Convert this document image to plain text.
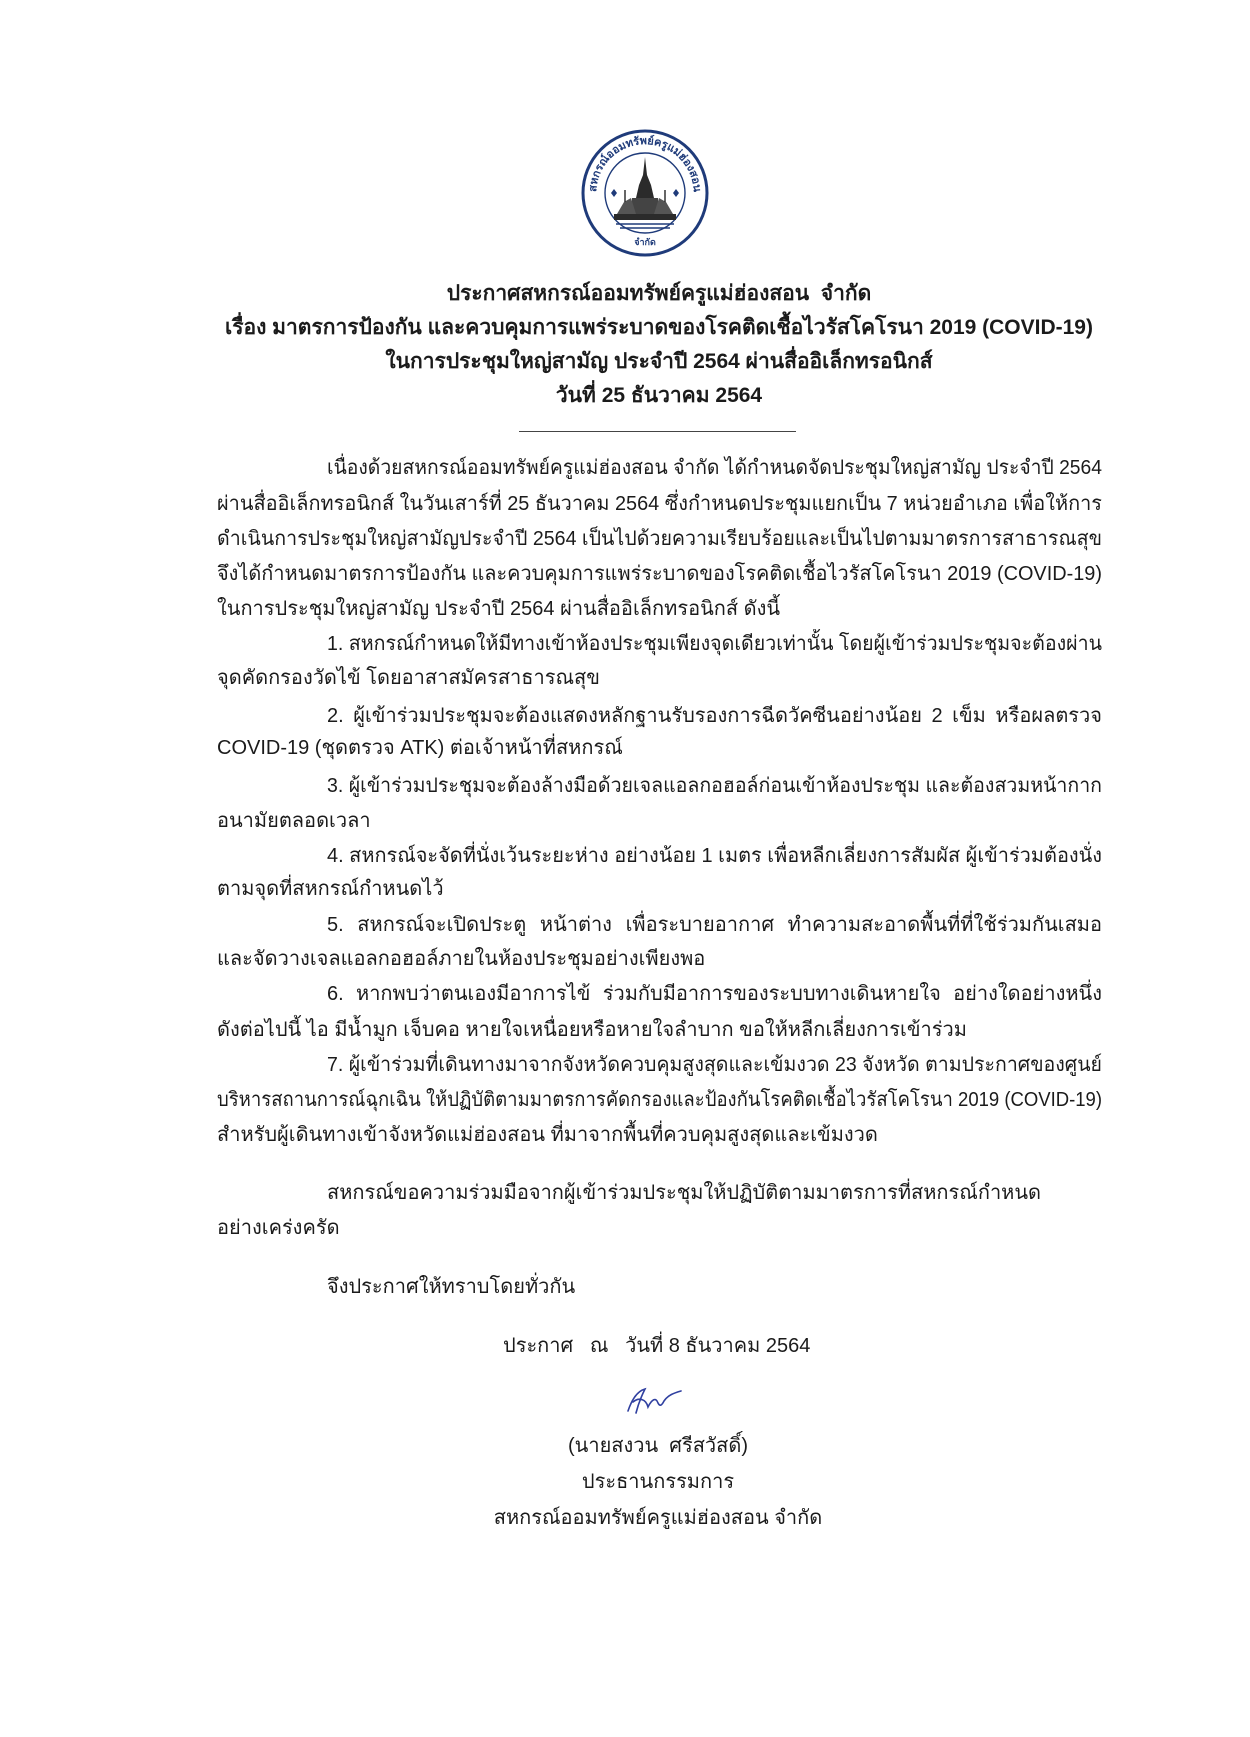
สหกรณ์ออมทรัพย์ครูแม่ฮ่องสอน
จำกัด
ประกาศสหกรณ์ออมทรัพย์ครูแม่ฮ่องสอน  จำกัด
เรื่อง มาตรการป้องกัน และควบคุมการแพร่ระบาดของโรคติดเชื้อไวรัสโคโรนา 2019 (COVID-19)
ในการประชุมใหญ่สามัญ ประจำปี 2564 ผ่านสื่ออิเล็กทรอนิกส์
วันที่ 25 ธันวาคม 2564
เนื่องด้วยสหกรณ์ออมทรัพย์ครูแม่ฮ่องสอน จำกัด ได้กำหนดจัดประชุมใหญ่สามัญ ประจำปี 2564
ผ่านสื่ออิเล็กทรอนิกส์ ในวันเสาร์ที่ 25 ธันวาคม 2564 ซึ่งกำหนดประชุมแยกเป็น 7 หน่วยอำเภอ เพื่อให้การ
ดำเนินการประชุมใหญ่สามัญประจำปี 2564 เป็นไปด้วยความเรียบร้อยและเป็นไปตามมาตรการสาธารณสุข
จึงได้กำหนดมาตรการป้องกัน และควบคุมการแพร่ระบาดของโรคติดเชื้อไวรัสโคโรนา 2019 (COVID-19)
ในการประชุมใหญ่สามัญ ประจำปี 2564 ผ่านสื่ออิเล็กทรอนิกส์ ดังนี้
1. สหกรณ์กำหนดให้มีทางเข้าห้องประชุมเพียงจุดเดียวเท่านั้น โดยผู้เข้าร่วมประชุมจะต้องผ่าน
จุดคัดกรองวัดไข้ โดยอาสาสมัครสาธารณสุข
2. ผู้เข้าร่วมประชุมจะต้องแสดงหลักฐานรับรองการฉีดวัคซีนอย่างน้อย 2 เข็ม หรือผลตรวจ
COVID-19 (ชุดตรวจ ATK) ต่อเจ้าหน้าที่สหกรณ์
3. ผู้เข้าร่วมประชุมจะต้องล้างมือด้วยเจลแอลกอฮอล์ก่อนเข้าห้องประชุม และต้องสวมหน้ากาก
อนามัยตลอดเวลา
4. สหกรณ์จะจัดที่นั่งเว้นระยะห่าง อย่างน้อย 1 เมตร เพื่อหลีกเลี่ยงการสัมผัส ผู้เข้าร่วมต้องนั่ง
ตามจุดที่สหกรณ์กำหนดไว้
5. สหกรณ์จะเปิดประตู หน้าต่าง เพื่อระบายอากาศ ทำความสะอาดพื้นที่ที่ใช้ร่วมกันเสมอ
และจัดวางเจลแอลกอฮอล์ภายในห้องประชุมอย่างเพียงพอ
6. หากพบว่าตนเองมีอาการไข้ ร่วมกับมีอาการของระบบทางเดินหายใจ อย่างใดอย่างหนึ่ง
ดังต่อไปนี้ ไอ มีน้ำมูก เจ็บคอ หายใจเหนื่อยหรือหายใจลำบาก ขอให้หลีกเลี่ยงการเข้าร่วม
7. ผู้เข้าร่วมที่เดินทางมาจากจังหวัดควบคุมสูงสุดและเข้มงวด 23 จังหวัด ตามประกาศของศูนย์
บริหารสถานการณ์ฉุกเฉิน ให้ปฏิบัติตามมาตรการคัดกรองและป้องกันโรคติดเชื้อไวรัสโคโรนา 2019 (COVID-19)
สำหรับผู้เดินทางเข้าจังหวัดแม่ฮ่องสอน ที่มาจากพื้นที่ควบคุมสูงสุดและเข้มงวด
สหกรณ์ขอความร่วมมือจากผู้เข้าร่วมประชุมให้ปฏิบัติตามมาตรการที่สหกรณ์กำหนด
อย่างเคร่งครัด
จึงประกาศให้ทราบโดยทั่วกัน
ประกาศ   ณ   วันที่ 8 ธันวาคม 2564
(นายสงวน  ศรีสวัสดิ์)
ประธานกรรมการ
สหกรณ์ออมทรัพย์ครูแม่ฮ่องสอน จำกัด
